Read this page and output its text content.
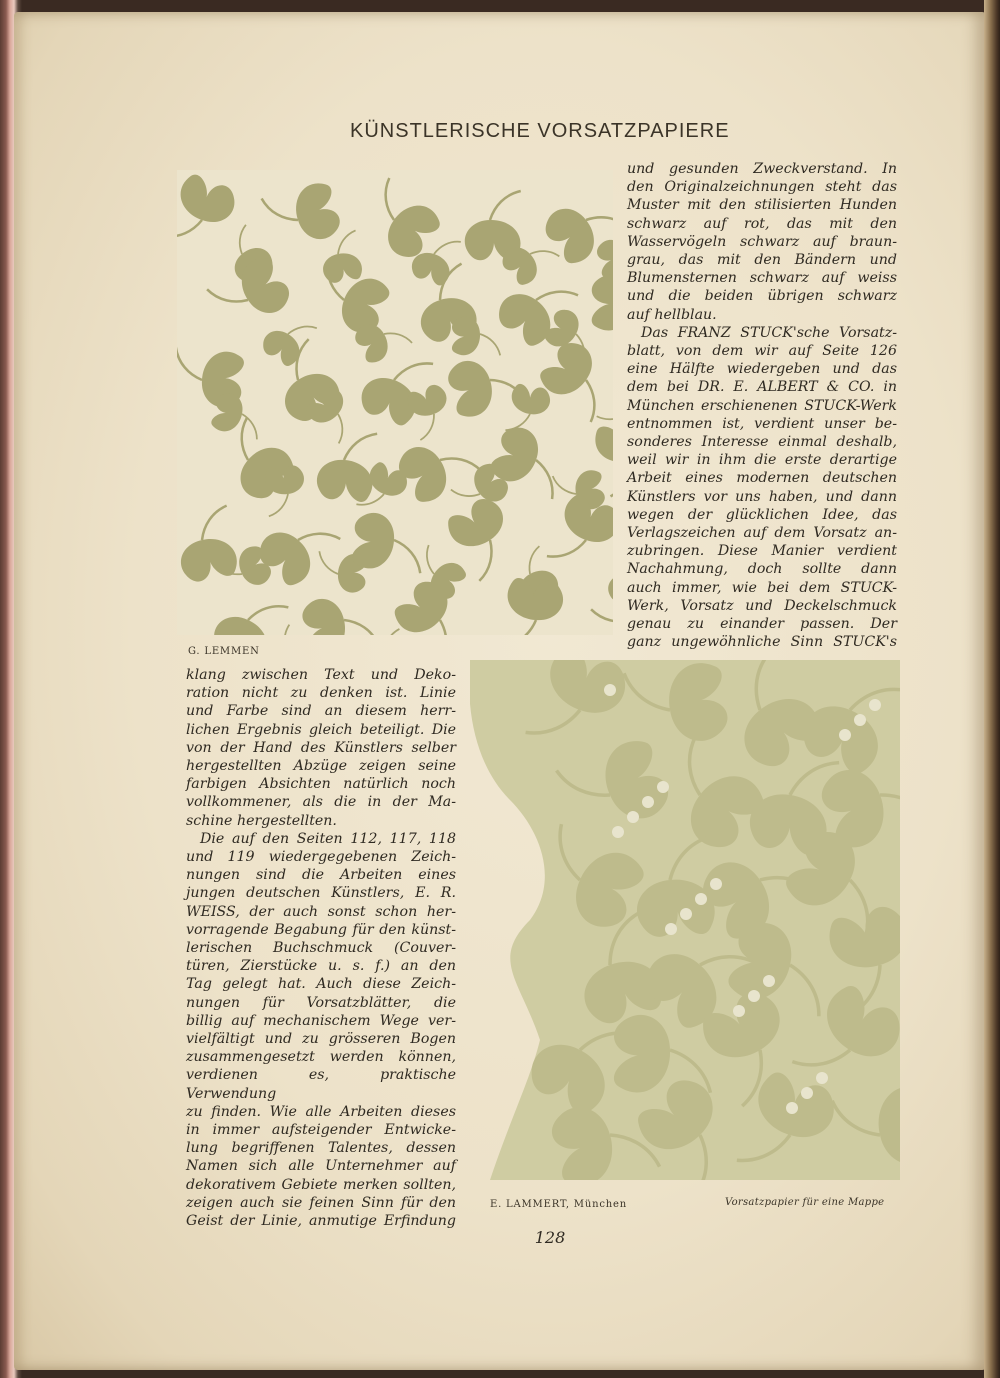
KÜNSTLERISCHE VORSATZPAPIERE
G. LEMMEN

und gesunden Zweckverstand. In

den Originalzeichnungen steht das

Muster mit den stilisierten Hunden

schwarz auf rot, das mit den

Wasservögeln schwarz auf braun-

grau, das mit den Bändern und

Blumensternen schwarz auf weiss

und die beiden übrigen schwarz

auf hellblau.

Das FRANZ STUCK'sche Vorsatz-

blatt, von dem wir auf Seite 126

eine Hälfte wiedergeben und das

dem bei DR. E. ALBERT & CO. in

München erschienenen STUCK-Werk

entnommen ist, verdient unser be-

sonderes Interesse einmal deshalb,

weil wir in ihm die erste derartige

Arbeit eines modernen deutschen

Künstlers vor uns haben, und dann

wegen der glücklichen Idee, das

Verlagszeichen auf dem Vorsatz an-

zubringen. Diese Manier verdient

Nachahmung, doch sollte dann

auch immer, wie bei dem STUCK-

Werk, Vorsatz und Deckelschmuck

genau zu einander passen. Der

ganz ungewöhnliche Sinn STUCK's

E. LAMMERT, München	Vorsatzpapier für eine Mappe

klang zwischen Text und Deko-

ration nicht zu denken ist. Linie

und Farbe sind an diesem herr-

lichen Ergebnis gleich beteiligt. Die

von der Hand des Künstlers selber

hergestellten Abzüge zeigen seine

farbigen Absichten natürlich noch

vollkommener, als die in der Ma-

schine hergestellten.

Die auf den Seiten 112, 117, 118

und 119 wiedergegebenen Zeich-

nungen sind die Arbeiten eines

jungen deutschen Künstlers, E. R.

WEISS, der auch sonst schon her-

vorragende Begabung für den künst-

lerischen Buchschmuck (Couver-

türen, Zierstücke u. s. f.) an den

Tag gelegt hat. Auch diese Zeich-

nungen für Vorsatzblätter, die

billig auf mechanischem Wege ver-

vielfältigt und zu grösseren Bogen

zusammengesetzt werden können,

verdienen es, praktische Verwendung

zu finden. Wie alle Arbeiten dieses

in immer aufsteigender Entwicke-

lung begriffenen Talentes, dessen

Namen sich alle Unternehmer auf

dekorativem Gebiete merken sollten,

zeigen auch sie feinen Sinn für den

Geist der Linie, anmutige Erfindung

128
